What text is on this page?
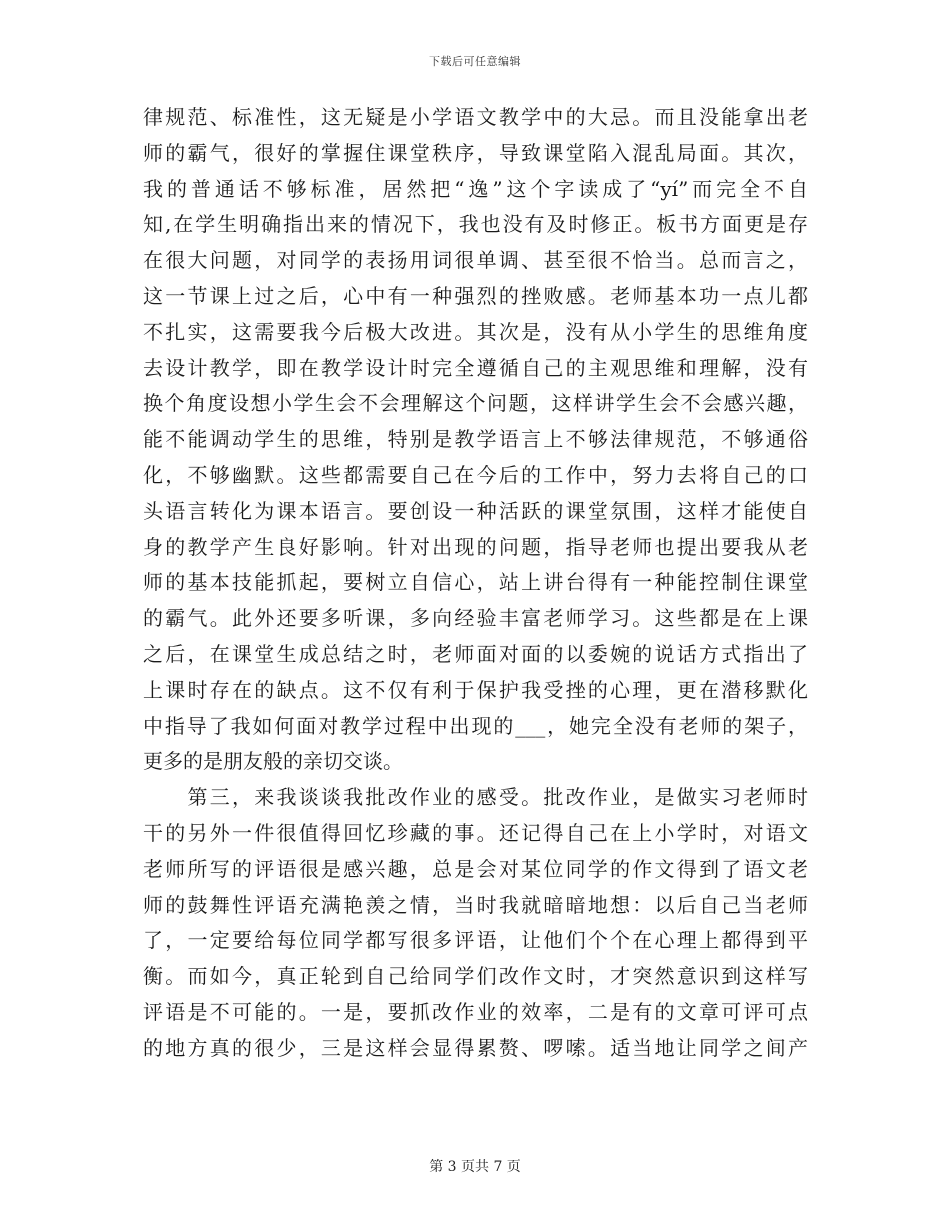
下载后可任意编辑
律规范、标准性，这无疑是小学语文教学中的大忌。而且没能拿出老
师的霸气，很好的掌握住课堂秩序，导致课堂陷入混乱局面。其次，
我的普通话不够标准，居然把“逸”这个字读成了“yí”而完全不自
知,在学生明确指出来的情况下，我也没有及时修正。板书方面更是存
在很大问题，对同学的表扬用词很单调、甚至很不恰当。总而言之，
这一节课上过之后，心中有一种强烈的挫败感。老师基本功一点儿都
不扎实，这需要我今后极大改进。其次是，没有从小学生的思维角度
去设计教学，即在教学设计时完全遵循自己的主观思维和理解，没有
换个角度设想小学生会不会理解这个问题，这样讲学生会不会感兴趣，
能不能调动学生的思维，特别是教学语言上不够法律规范，不够通俗
化，不够幽默。这些都需要自己在今后的工作中，努力去将自己的口
头语言转化为课本语言。要创设一种活跃的课堂氛围，这样才能使自
身的教学产生良好影响。针对出现的问题，指导老师也提出要我从老
师的基本技能抓起，要树立自信心，站上讲台得有一种能控制住课堂
的霸气。此外还要多听课，多向经验丰富老师学习。这些都是在上课
之后，在课堂生成总结之时，老师面对面的以委婉的说话方式指出了
上课时存在的缺点。这不仅有利于保护我受挫的心理，更在潜移默化
中指导了我如何面对教学过程中出现的___，她完全没有老师的架子，
更多的是朋友般的亲切交谈。
　　第三，来我谈谈我批改作业的感受。批改作业，是做实习老师时
干的另外一件很值得回忆珍藏的事。还记得自己在上小学时，对语文
老师所写的评语很是感兴趣，总是会对某位同学的作文得到了语文老
师的鼓舞性评语充满艳羡之情，当时我就暗暗地想：以后自己当老师
了，一定要给每位同学都写很多评语，让他们个个在心理上都得到平
衡。而如今，真正轮到自己给同学们改作文时，才突然意识到这样写
评语是不可能的。一是，要抓改作业的效率，二是有的文章可评可点
的地方真的很少，三是这样会显得累赘、啰嗦。适当地让同学之间产
第 3 页共 7 页
